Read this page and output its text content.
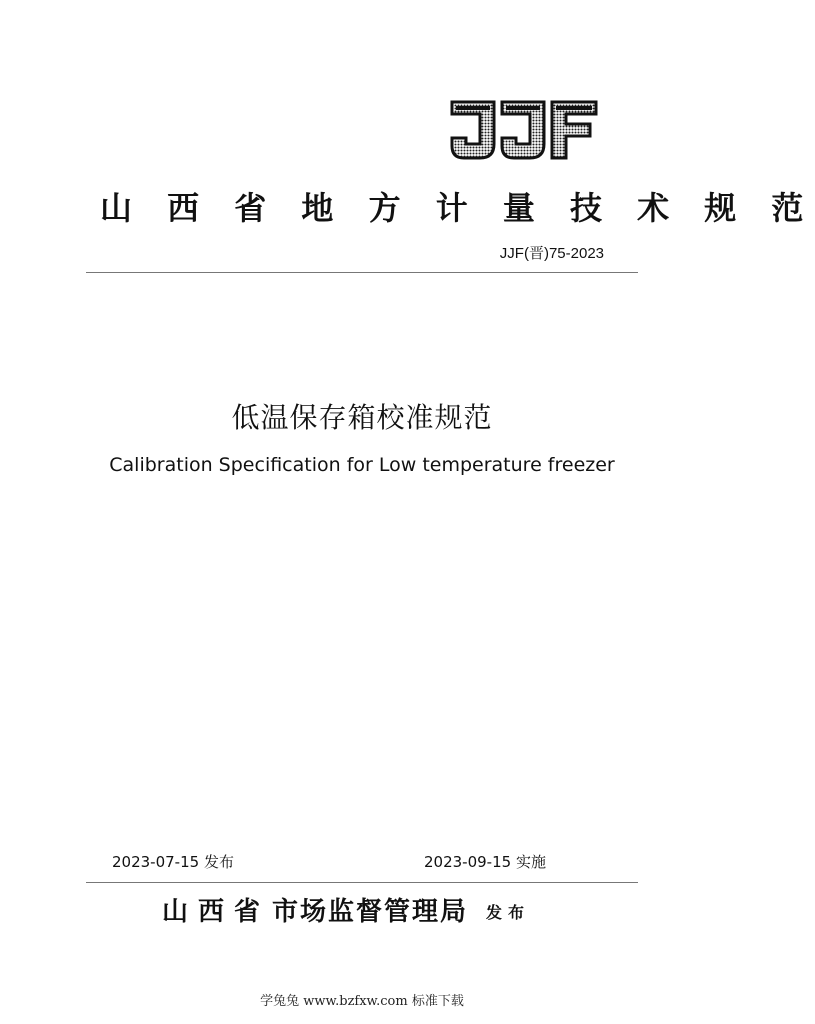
山 西 省 地 方 计 量 技 术 规 范
JJF(晋)75-2023
低温保存箱校准规范
Calibration Specification for Low temperature freezer
2023-07-15 发布	2023-09-15 实施
山西省市场监督管理局 发布
学兔兔 www.bzfxw.com 标准下载
